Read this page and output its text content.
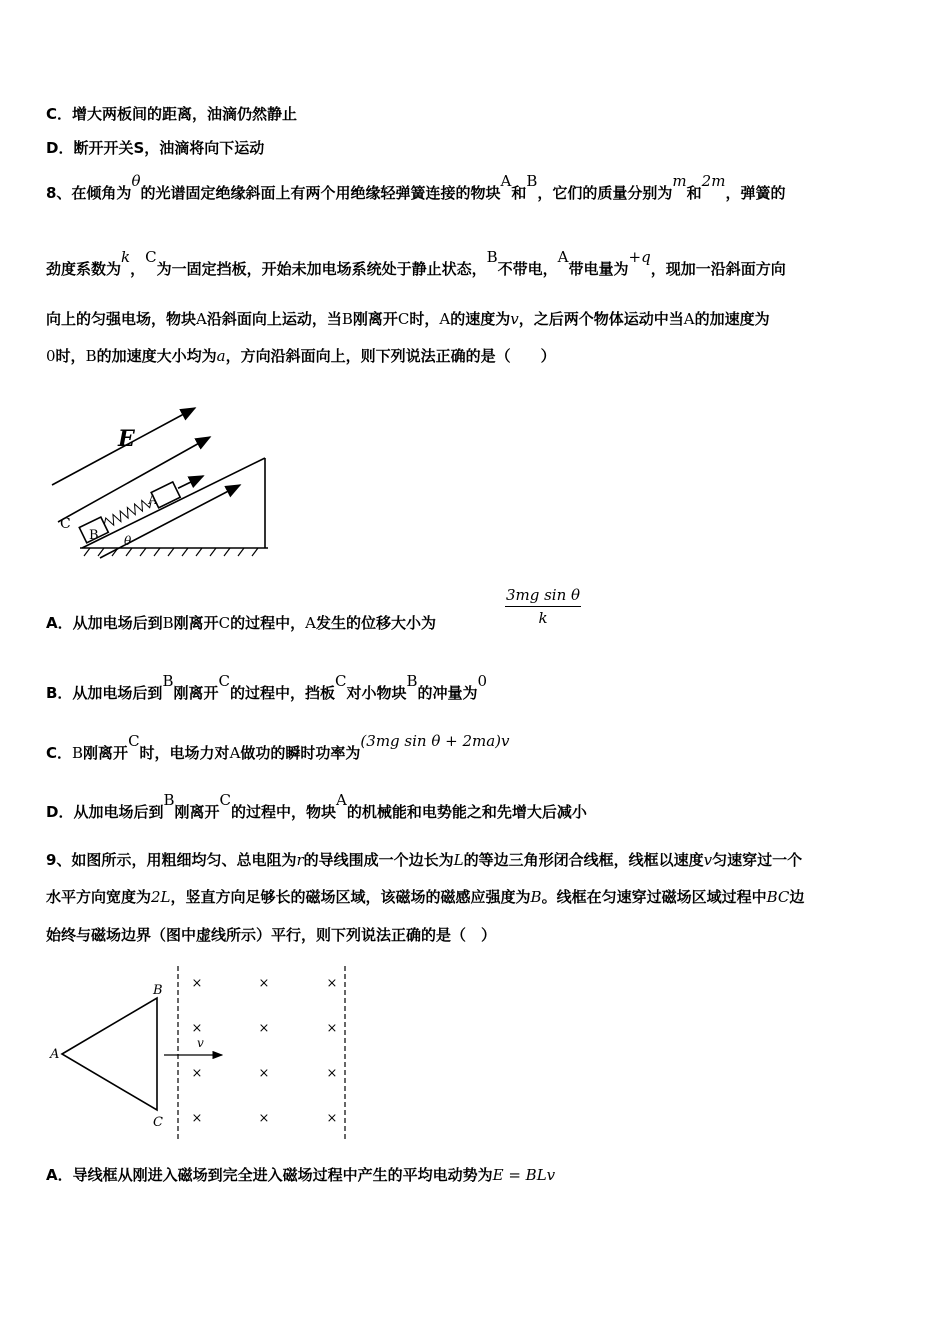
C．增大两板间的距离，油滴仍然静止
D．断开开关S，油滴将向下运动
8、在倾角为θ的光谱固定绝缘斜面上有两个用绝缘轻弹簧连接的物块A和B，它们的质量分别为m和2m，弹簧的
劲度系数为k，C为一固定挡板，开始未加电场系统处于静止状态，B不带电，A带电量为+q，现加一沿斜面方向
向上的匀强电场，物块A沿斜面向上运动，当B刚离开C时，A的速度为v，之后两个物体运动中当A的加速度为
0时，B的加速度大小均为a，方向沿斜面向上，则下列说法正确的是（　　）
E
C
B
A
θ
A．从加电场后到B刚离开C的过程中，A发生的位移大小为
3mg sin θ
k
B．从加电场后到B刚离开C的过程中，挡板C对小物块B的冲量为0
C．B刚离开C时，电场力对A做功的瞬时功率为(3mg sin θ + 2ma)v
D．从加电场后到B刚离开C的过程中，物块A的机械能和电势能之和先增大后减小
9、如图所示，用粗细均匀、总电阻为r的导线围成一个边长为L的等边三角形闭合线框，线框以速度v匀速穿过一个
水平方向宽度为2L，竖直方向足够长的磁场区域，该磁场的磁感应强度为B。线框在匀速穿过磁场区域过程中BC边
始终与磁场边界（图中虚线所示）平行，则下列说法正确的是（　）
A
B
C
v
×	×	×
×	×	×
×	×	×
×	×	×
A．导线框从刚进入磁场到完全进入磁场过程中产生的平均电动势为E = BLv
